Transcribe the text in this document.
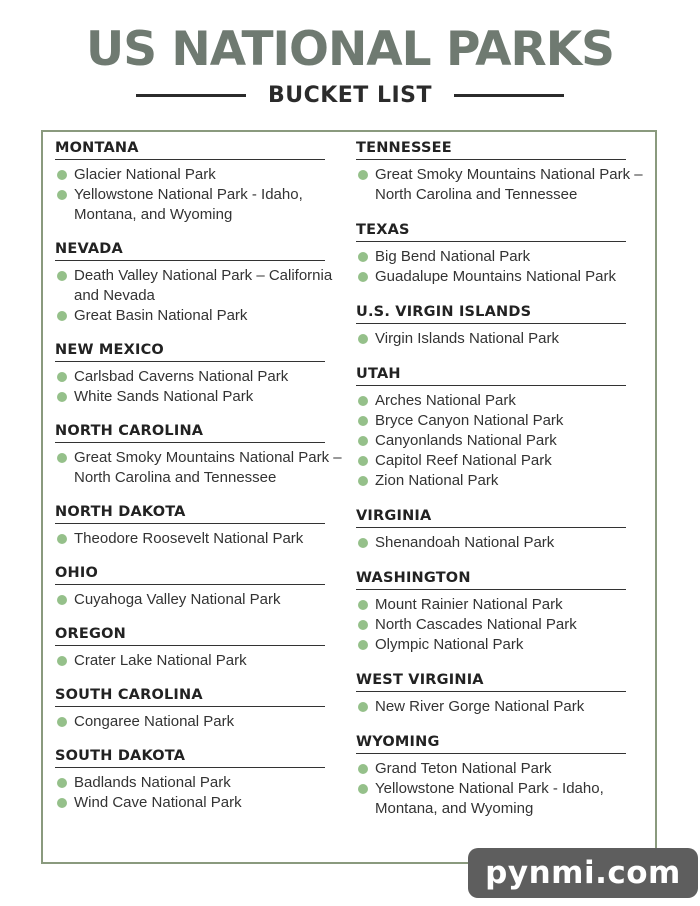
US NATIONAL PARKS
BUCKET LIST
MONTANA
Glacier National Park
Yellowstone National Park - Idaho, Montana, and Wyoming
NEVADA
Death Valley National Park – California and Nevada
Great Basin National Park
NEW MEXICO
Carlsbad Caverns National Park
White Sands National Park
NORTH CAROLINA
Great Smoky Mountains National Park – North Carolina and Tennessee
NORTH DAKOTA
Theodore Roosevelt National Park
OHIO
Cuyahoga Valley National Park
OREGON
Crater Lake National Park
SOUTH CAROLINA
Congaree National Park
SOUTH DAKOTA
Badlands National Park
Wind Cave National Park
TENNESSEE
Great Smoky Mountains National Park – North Carolina and Tennessee
TEXAS
Big Bend National Park
Guadalupe Mountains National Park
U.S. VIRGIN ISLANDS
Virgin Islands National Park
UTAH
Arches National Park
Bryce Canyon National Park
Canyonlands National Park
Capitol Reef National Park
Zion National Park
VIRGINIA
Shenandoah National Park
WASHINGTON
Mount Rainier National Park
North Cascades National Park
Olympic National Park
WEST VIRGINIA
New River Gorge National Park
WYOMING
Grand Teton National Park
Yellowstone National Park - Idaho, Montana, and Wyoming
pynmi.com
